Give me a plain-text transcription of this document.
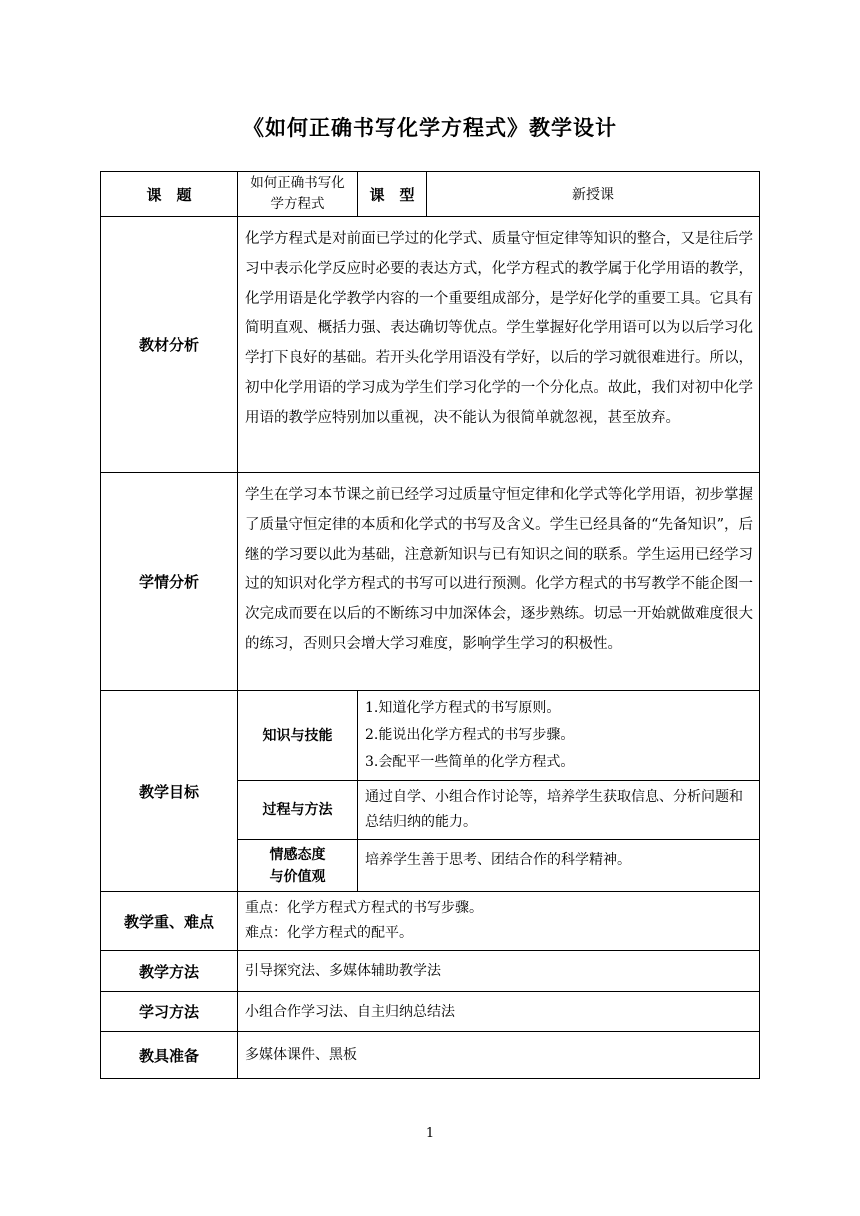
《如何正确书写化学方程式》教学设计
课　题	如何正确书写化学方程式	课　型	新授课
教材分析	化学方程式是对前面已学过的化学式、质量守恒定律等知识的整合，又是往后学习中表示化学反应时必要的表达方式，化学方程式的教学属于化学用语的教学，化学用语是化学教学内容的一个重要组成部分，是学好化学的重要工具。它具有简明直观、概括力强、表达确切等优点。学生掌握好化学用语可以为以后学习化学打下良好的基础。若开头化学用语没有学好，以后的学习就很难进行。所以，初中化学用语的学习成为学生们学习化学的一个分化点。故此，我们对初中化学用语的教学应特别加以重视，决不能认为很简单就忽视，甚至放弃。		
学情分析	学生在学习本节课之前已经学习过质量守恒定律和化学式等化学用语，初步掌握了质量守恒定律的本质和化学式的书写及含义。学生已经具备的“先备知识”，后继的学习要以此为基础，注意新知识与已有知识之间的联系。学生运用已经学习过的知识对化学方程式的书写可以进行预测。化学方程式的书写教学不能企图一次完成而要在以后的不断练习中加深体会，逐步熟练。切忌一开始就做难度很大的练习，否则只会增大学习难度，影响学生学习的积极性。		
教学目标	知识与技能	1.知道化学方程式的书写原则。
2.能说出化学方程式的书写步骤。
3.会配平一些简单的化学方程式。	

	过程与方法	通过自学、小组合作讨论等，培养学生获取信息、分析问题和总结归纳的能力。	

	情感态度
与价值观	培养学生善于思考、团结合作的科学精神。	
教学重、难点	重点：化学方程式方程式的书写步骤。
难点：化学方程式的配平。		

教学方法	引导探究法、多媒体辅助教学法		
学习方法	小组合作学习法、自主归纳总结法		
教具准备	多媒体课件、黑板		
1
